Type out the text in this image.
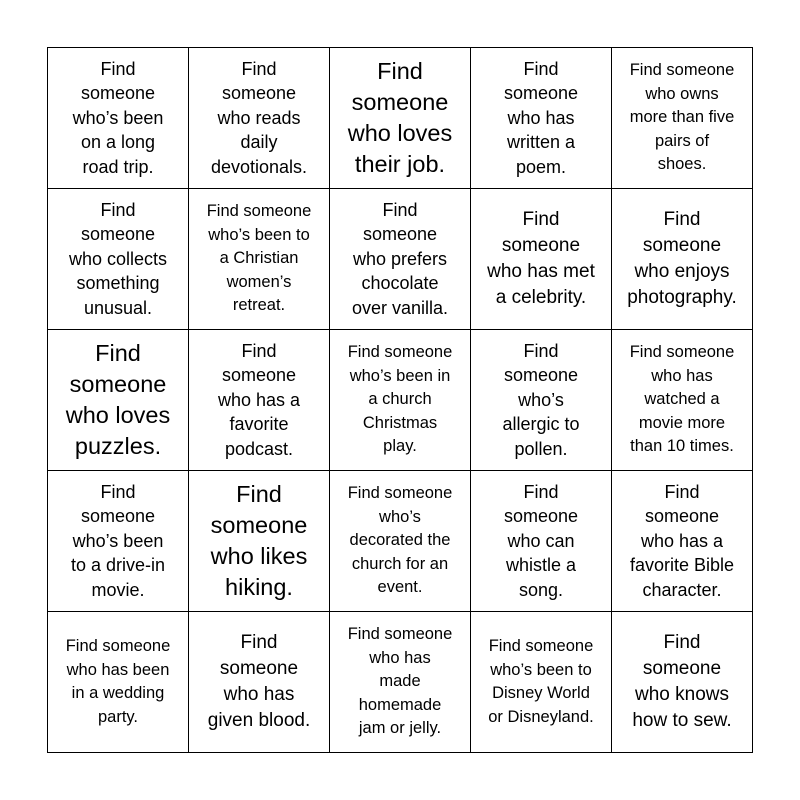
Find
someone
who’s been
on a long
road trip.
Find
someone
who reads
daily
devotionals.
Find
someone
who loves
their job.
Find
someone
who has
written a
poem.
Find someone
who owns
more than five
pairs of
shoes.
Find
someone
who collects
something
unusual.
Find someone
who’s been to
a Christian
women’s
retreat.
Find
someone
who prefers
chocolate
over vanilla.
Find
someone
who has met
a celebrity.
Find
someone
who enjoys
photography.
Find
someone
who loves
puzzles.
Find
someone
who has a
favorite
podcast.
Find someone
who’s been in
a church
Christmas
play.
Find
someone
who’s
allergic to
pollen.
Find someone
who has
watched a
movie more
than 10 times.
Find
someone
who’s been
to a drive-in
movie.
Find
someone
who likes
hiking.
Find someone
who’s
decorated the
church for an
event.
Find
someone
who can
whistle a
song.
Find
someone
who has a
favorite Bible
character.
Find someone
who has been
in a wedding
party.
Find
someone
who has
given blood.
Find someone
who has
made
homemade
jam or jelly.
Find someone
who’s been to
Disney World
or Disneyland.
Find
someone
who knows
how to sew.
